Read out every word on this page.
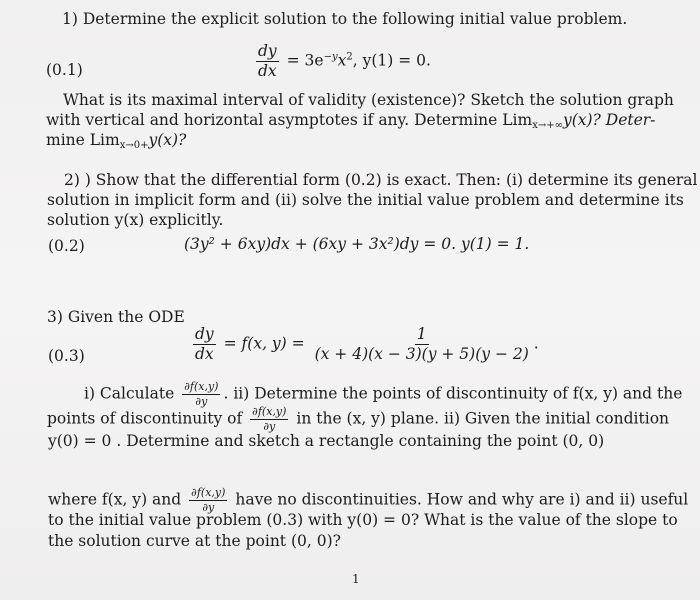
1) Determine the explicit solution to the following initial value problem.
(0.1)	$\frac{dy}{dx} = 3e^{-y}x^2$, y(1) = 0.
What is its maximal interval of validity (existence)? Sketch the solution graph
with vertical and horizontal asymptotes if any. Determine Lim$_{x\to+\infty}$y(x)? Deter-
mine Lim$_{x\to 0+}$y(x)?
2) ) Show that the differential form (0.2) is exact. Then: (i) determine its general
solution in implicit form and (ii) solve the initial value problem and determine its
solution y(x) explicitly.
(0.2)	(3y² + 6xy)dx + (6xy + 3x²)dy = 0. y(1) = 1.
3) Given the ODE
(0.3)	$\frac{dy}{dx} = f(x$, $y) = \frac{1}{(x + 4)(x - 3)(y + 5)(y - 2)}$ .
i) Calculate $\frac{\partial f(x,y)}{\partial y}$ . ii) Determine the points of discontinuity of f(x, y) and the
points of discontinuity of $\frac{\partial f(x,y)}{\partial y}$ in the (x, y) plane. ii) Given the initial condition
y(0) = 0 . Determine and sketch a rectangle containing the point (0, 0)
where f(x, y) and $\frac{\partial f(x,y)}{\partial y}$ have no discontinuities. How and why are i) and ii) useful
to the initial value problem (0.3) with y(0) = 0? What is the value of the slope to
the solution curve at the point (0, 0)?
1
